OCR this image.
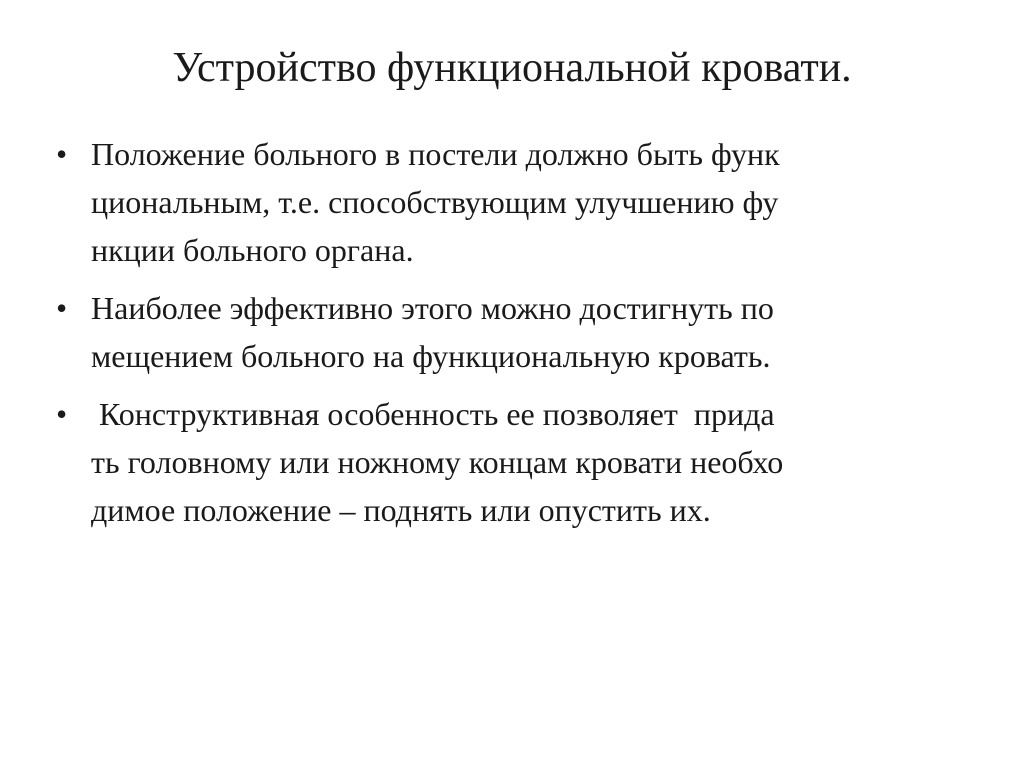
Устройство функциональной кровати.
• Положение больного в постели должно быть функ
циональным, т.е. способствующим улучшению фу
нкции больного органа.
• Наиболее эффективно этого можно достигнуть по
мещением больного на функциональную кровать.
• Конструктивная особенность ее позволяет  прида
ть головному или ножному концам кровати необхо
димое положение – поднять или опустить их.
